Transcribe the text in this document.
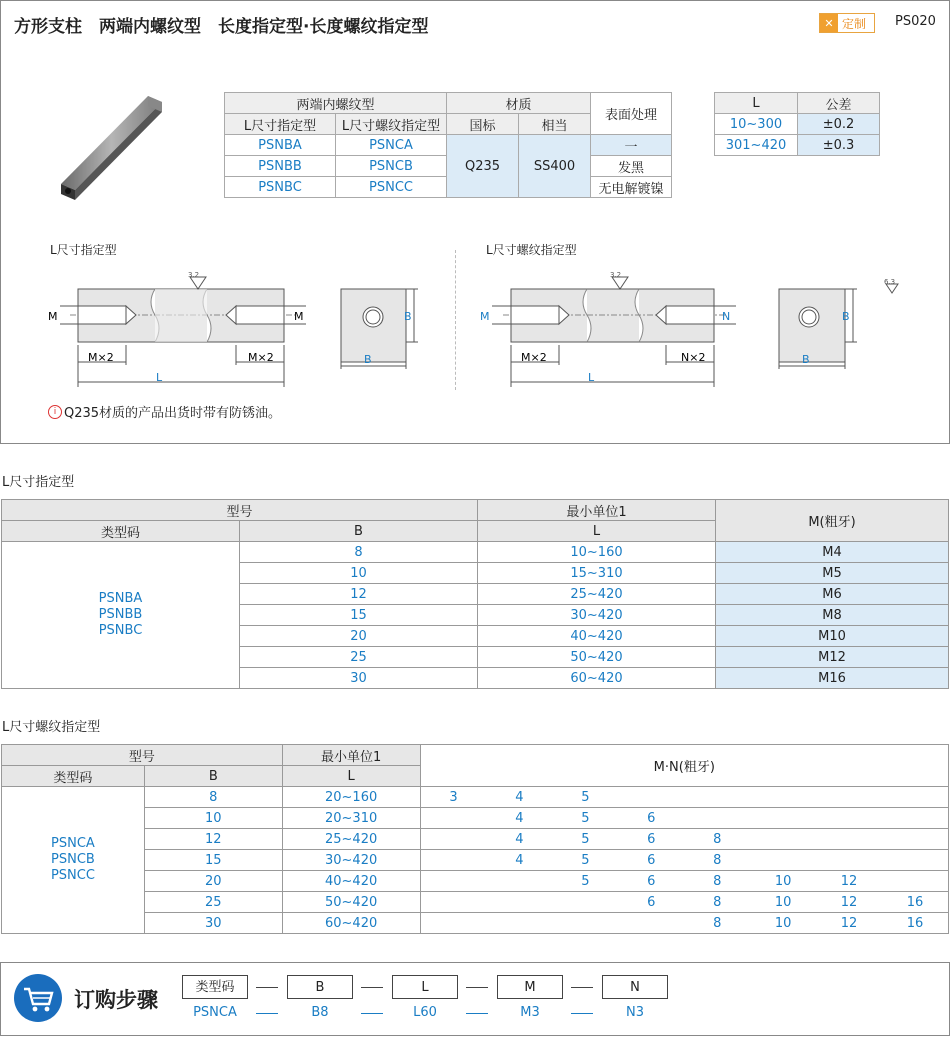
方形支柱　两端内螺纹型　长度指定型·长度螺纹指定型	✕ 定制 PS020
两端内螺纹型		材质		表面处理
L尺寸指定型	L尺寸螺纹指定型	国标	相当	
PSNBA	PSNCA	Q235	SS400	一
PSNBB	PSNCB			发黑
PSNBC	PSNCC			无电解镀镍
L	公差
10~300	±0.2
301~420	±0.3
L尺寸指定型	L尺寸螺纹指定型
3.2
M×2	M×2
L
M	M	B
B
3.2
M×2	N×2
L
M	N	B
B
6.3
i Q235材质的产品出货时带有防锈油。
L尺寸指定型
型号		最小单位1	M(粗牙)
类型码	B	L	

PSNBA
PSNBB
PSNBC	8	10~160	M4
	10	15~310	M5
	12	25~420	M6
	15	30~420	M8
	20	40~420	M10
	25	50~420	M12
	30	60~420	M16
L尺寸螺纹指定型
型号		最小单位1	M·N(粗牙)							
类型码	B	L								

PSNCA
PSNCB
PSNCC	8	20~160	3	4	5					
	10	20~310		4	5	6				
	12	25~420		4	5	6	8			
	15	30~420		4	5	6	8			
	20	40~420			5	6	8	10	12	
	25	50~420				6	8	10	12	16
	30	60~420					8	10	12	16
订购步骤
类型码	B	L	M	N
PSNCA	B8	L60	M3	N3
